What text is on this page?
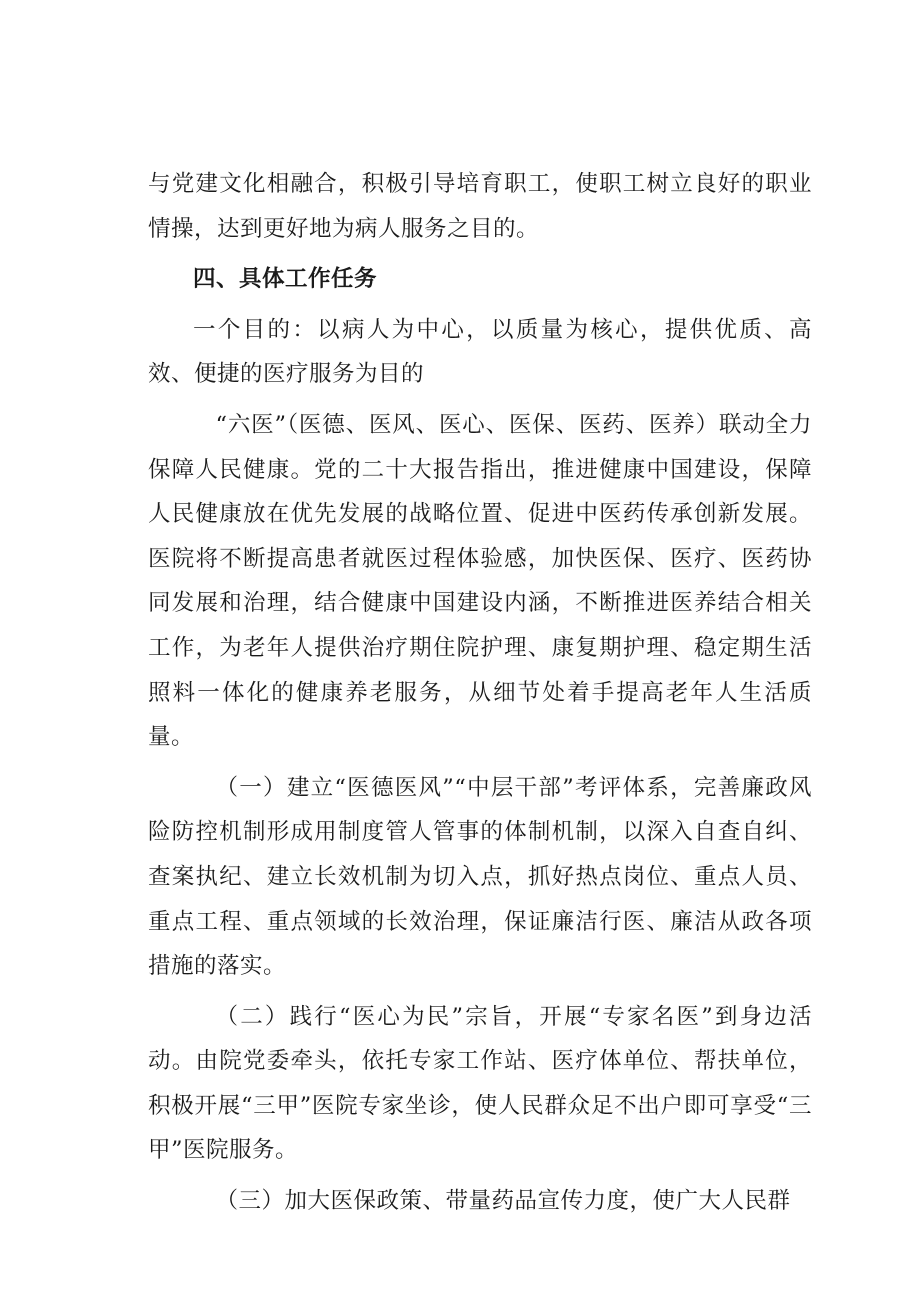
与党建文化相融合，积极引导培育职工，使职工树立良好的职业情操，达到更好地为病人服务之目的。

四、具体工作任务

一个目的：以病人为中心，以质量为核心，提供优质、高效、便捷的医疗服务为目的

“六医”（医德、医风、医心、医保、医药、医养）联动全力保障人民健康。党的二十大报告指出，推进健康中国建设，保障人民健康放在优先发展的战略位置、促进中医药传承创新发展。医院将不断提高患者就医过程体验感，加快医保、医疗、医药协同发展和治理，结合健康中国建设内涵，不断推进医养结合相关工作，为老年人提供治疗期住院护理、康复期护理、稳定期生活照料一体化的健康养老服务，从细节处着手提高老年人生活质量。

（一）建立“医德医风”“中层干部”考评体系，完善廉政风险防控机制形成用制度管人管事的体制机制，以深入自查自纠、查案执纪、建立长效机制为切入点，抓好热点岗位、重点人员、重点工程、重点领域的长效治理，保证廉洁行医、廉洁从政各项措施的落实。

（二）践行“医心为民”宗旨，开展“专家名医”到身边活动。由院党委牵头，依托专家工作站、医疗体单位、帮扶单位，积极开展“三甲”医院专家坐诊，使人民群众足不出户即可享受“三甲”医院服务。

（三）加大医保政策、带量药品宣传力度，使广大人民群
